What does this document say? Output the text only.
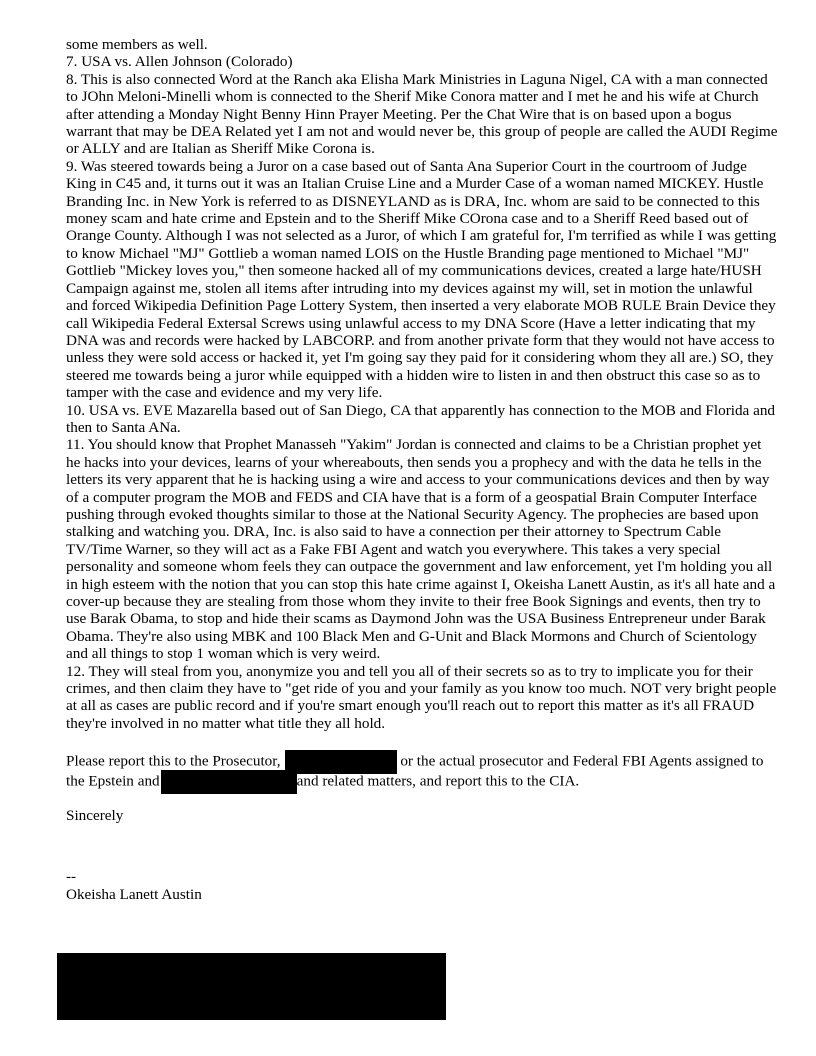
some members as well.

7. USA vs. Allen Johnson (Colorado)

8. This is also connected Word at the Ranch aka Elisha Mark Ministries in Laguna Nigel, CA with a man connected to JOhn Meloni-Minelli whom is connected to the Sherif Mike Conora matter and I met he and his wife at Church after attending a Monday Night Benny Hinn Prayer Meeting. Per the Chat Wire that is on based upon a bogus warrant that may be DEA Related yet I am not and would never be, this group of people are called the AUDI Regime or ALLY and are Italian as Sheriff Mike Corona is.

9. Was steered towards being a Juror on a case based out of Santa Ana Superior Court in the courtroom of Judge King in C45 and, it turns out it was an Italian Cruise Line and a Murder Case of a woman named MICKEY. Hustle Branding Inc. in New York is referred to as DISNEYLAND as is DRA, Inc. whom are said to be connected to this money scam and hate crime and Epstein and to the Sheriff Mike COrona case and to a Sheriff Reed based out of Orange County. Although I was not selected as a Juror, of which I am grateful for, I'm terrified as while I was getting to know Michael "MJ" Gottlieb a woman named LOIS on the Hustle Branding page mentioned to Michael "MJ" Gottlieb "Mickey loves you," then someone hacked all of my communications devices, created a large hate/HUSH Campaign against me, stolen all items after intruding into my devices against my will, set in motion the unlawful and forced Wikipedia Definition Page Lottery System, then inserted a very elaborate MOB RULE Brain Device they call Wikipedia Federal Extersal Screws using unlawful access to my DNA Score (Have a letter indicating that my DNA was and records were hacked by LABCORP. and from another private form that they would not have access to unless they were sold access or hacked it, yet I'm going say they paid for it considering whom they all are.) SO, they steered me towards being a juror while equipped with a hidden wire to listen in and then obstruct this case so as to tamper with the case and evidence and my very life.

10. USA vs. EVE Mazarella based out of San Diego, CA that apparently has connection to the MOB and Florida and then to Santa ANa.

11. You should know that Prophet Manasseh "Yakim" Jordan is connected and claims to be a Christian prophet yet he hacks into your devices, learns of your whereabouts, then sends you a prophecy and with the data he tells in the letters its very apparent that he is hacking using a wire and access to your communications devices and then by way of a computer program the MOB and FEDS and CIA have that is a form of a geospatial Brain Computer Interface pushing through evoked thoughts similar to those at the National Security Agency. The prophecies are based upon stalking and watching you. DRA, Inc. is also said to have a connection per their attorney to Spectrum Cable TV/Time Warner, so they will act as a Fake FBI Agent and watch you everywhere. This takes a very special personality and someone whom feels they can outpace the government and law enforcement, yet I'm holding you all in high esteem with the notion that you can stop this hate crime against I, Okeisha Lanett Austin, as it's all hate and a cover-up because they are stealing from those whom they invite to their free Book Signings and events, then try to use Barak Obama, to stop and hide their scams as Daymond John was the USA Business Entrepreneur under Barak Obama. They're also using MBK and 100 Black Men and G-Unit and Black Mormons and Church of Scientology and all things to stop 1 woman which is very weird.

12. They will steal from you, anonymize you and tell you all of their secrets so as to try to implicate you for their crimes, and then claim they have to "get ride of you and your family as you know too much. NOT very bright people at all as cases are public record and if you're smart enough you'll reach out to report this matter as it's all FRAUD they're involved in no matter what title they all hold.

Please report this to the Prosecutor,	or the actual prosecutor and Federal FBI Agents assigned to the Epstein and	and related matters, and report this to the CIA.

Sincerely

--

Okeisha Lanett Austin
